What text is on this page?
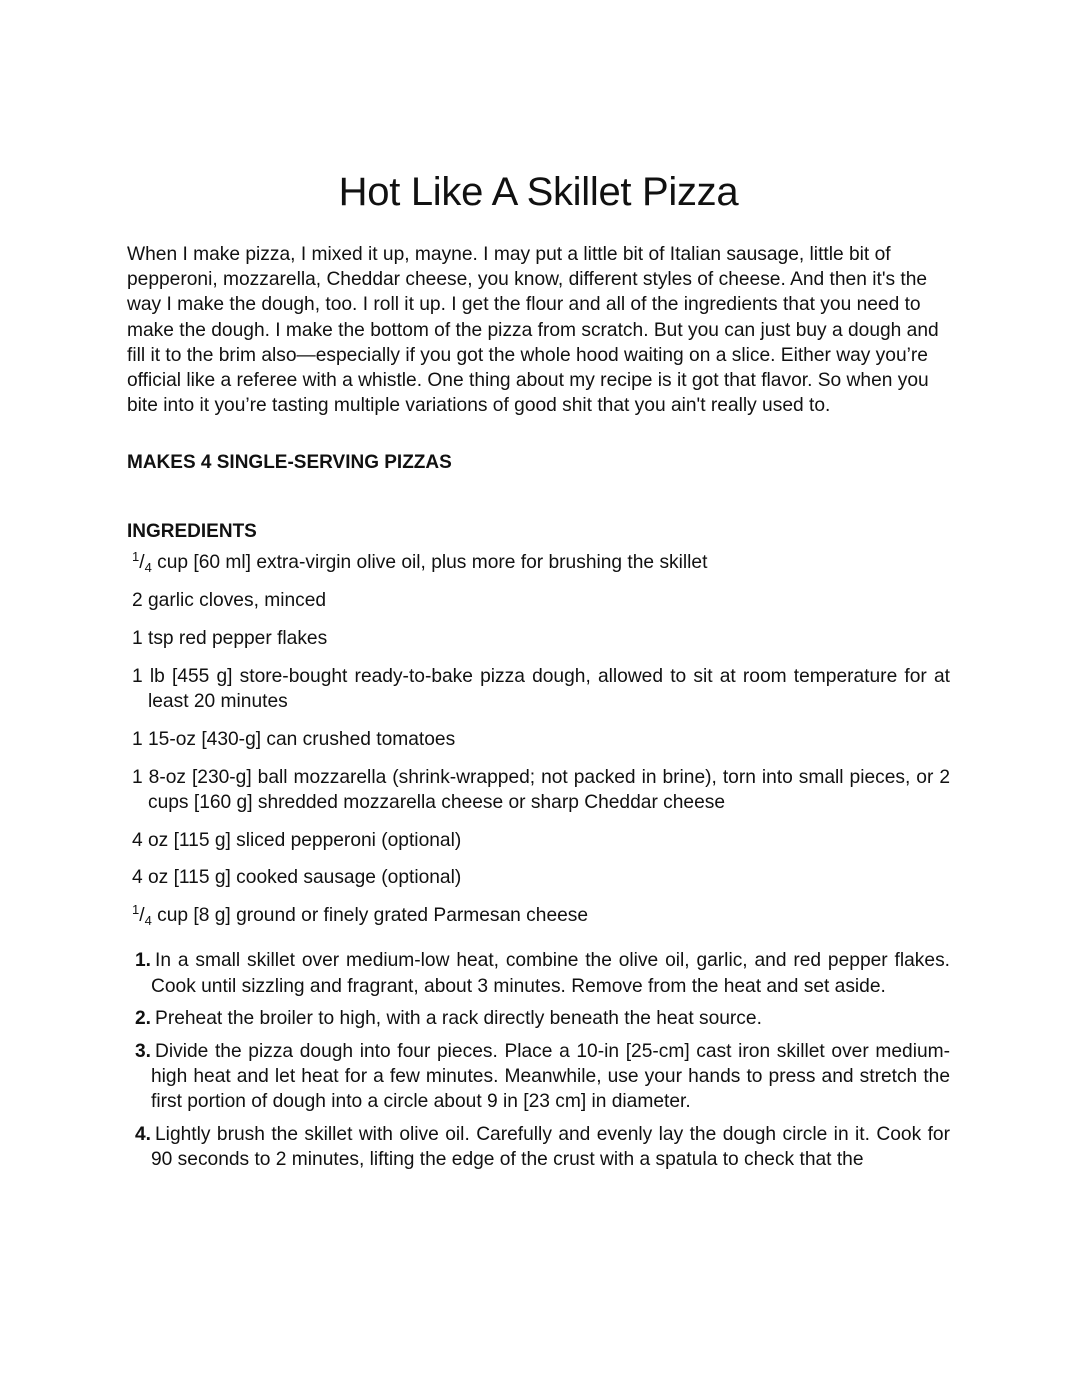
Hot Like A Skillet Pizza

When I make pizza, I mixed it up, mayne. I may put a little bit of Italian sausage, little bit of pepperoni, mozzarella, Cheddar cheese, you know, different styles of cheese. And then it's the way I make the dough, too. I roll it up. I get the flour and all of the ingredients that you need to make the dough. I make the bottom of the pizza from scratch. But you can just buy a dough and fill it to the brim also—especially if you got the whole hood waiting on a slice. Either way you’re official like a referee with a whistle. One thing about my recipe is it got that flavor. So when you bite into it you’re tasting multiple variations of good shit that you ain't really used to.

MAKES 4 SINGLE-SERVING PIZZAS
INGREDIENTS
$^1/_4$ cup [60 ml] extra-virgin olive oil, plus more for brushing the skillet
2 garlic cloves, minced
1 tsp red pepper flakes
1 lb [455 g] store-bought ready-to-bake pizza dough, allowed to sit at room temperature for at least 20 minutes
1 15-oz [430-g] can crushed tomatoes
1 8-oz [230-g] ball mozzarella (shrink-wrapped; not packed in brine), torn into small pieces, or 2 cups [160 g] shredded mozzarella cheese or sharp Cheddar cheese
4 oz [115 g] sliced pepperoni (optional)
4 oz [115 g] cooked sausage (optional)
$^1/_4$ cup [8 g] ground or finely grated Parmesan cheese
1. In a small skillet over medium-low heat, combine the olive oil, garlic, and red pepper flakes. Cook until sizzling and fragrant, about 3 minutes. Remove from the heat and set aside.
2. Preheat the broiler to high, with a rack directly beneath the heat source.
3. Divide the pizza dough into four pieces. Place a 10-in [25-cm] cast iron skillet over medium-high heat and let heat for a few minutes. Meanwhile, use your hands to press and stretch the first portion of dough into a circle about 9 in [23 cm] in diameter.
4. Lightly brush the skillet with olive oil. Carefully and evenly lay the dough circle in it. Cook for 90 seconds to 2 minutes, lifting the edge of the crust with a spatula to check that the
